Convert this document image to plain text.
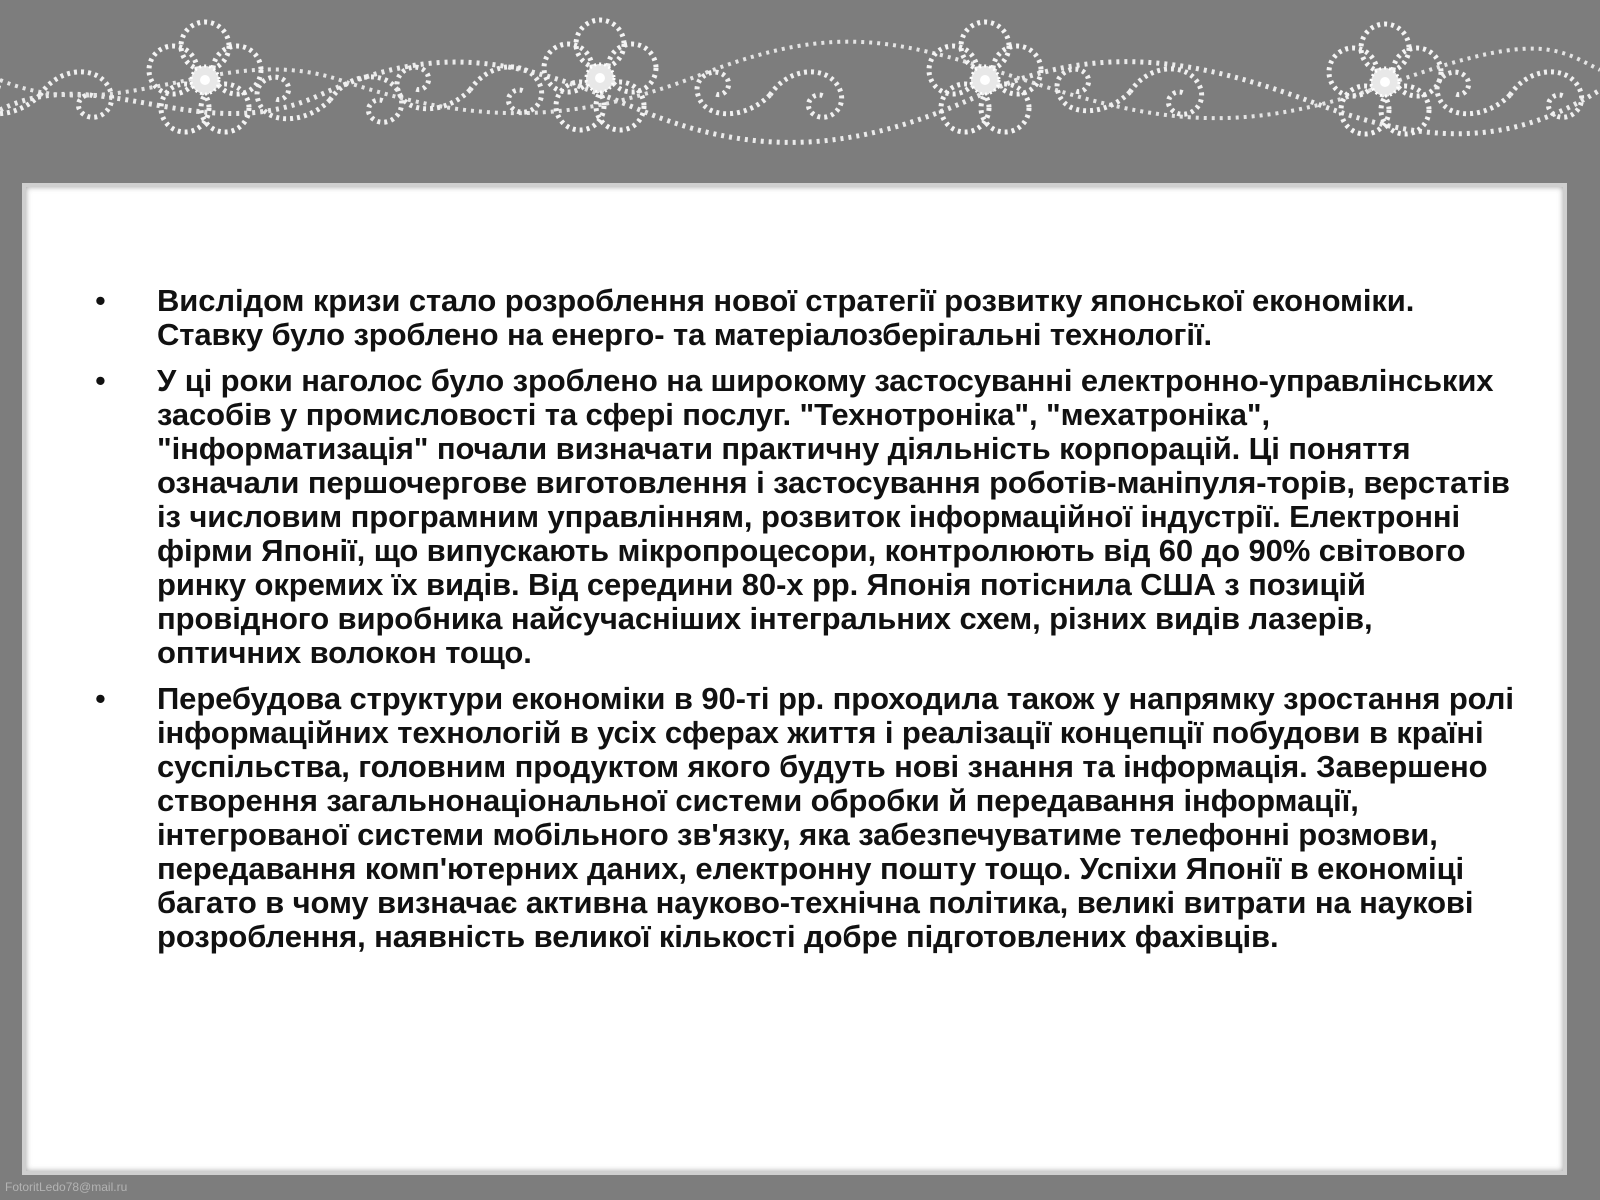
•	Вислідом кризи стало розроблення нової стратегії розвитку японської економіки. Ставку було зроблено на енерго- та матеріалозберігальні технології.
•	У ці роки наголос було зроблено на широкому застосуванні електронно-управлінських засобів у промисловості та сфері послуг. "Технотроніка", "мехатроніка", "інформатизація" почали визначати практичну діяльність корпорацій. Ці поняття означали першочергове виготовлення і застосування роботів-маніпуля-торів, верстатів із числовим програмним управлінням, розвиток інформаційної індустрії. Електронні фірми Японії, що випускають мікропроцесори, контролюють від 60 до 90% світового ринку окремих їх видів. Від середини 80-х рр. Японія потіснила США з позицій провідного виробника найсучасніших інтегральних схем, різних видів лазерів, оптичних волокон тощо.
•	Перебудова структури економіки в 90-ті рр. проходила також у напрямку зростання ролі інформаційних технологій в усіх сферах життя і реалізації концепції побудови в країні суспільства, головним продуктом якого будуть нові знання та інформація. Завершено створення загальнонаціональної системи обробки й передавання інформації, інтегрованої системи мобільного зв'язку, яка забезпечуватиме телефонні розмови, передавання комп'ютерних даних, електронну пошту тощо. Успіхи Японії в економіці багато в чому визначає активна науково-технічна політика, великі витрати на наукові розроблення, наявність великої кількості добре підготовлених фахівців.
FotoritLedo78@mail.ru
